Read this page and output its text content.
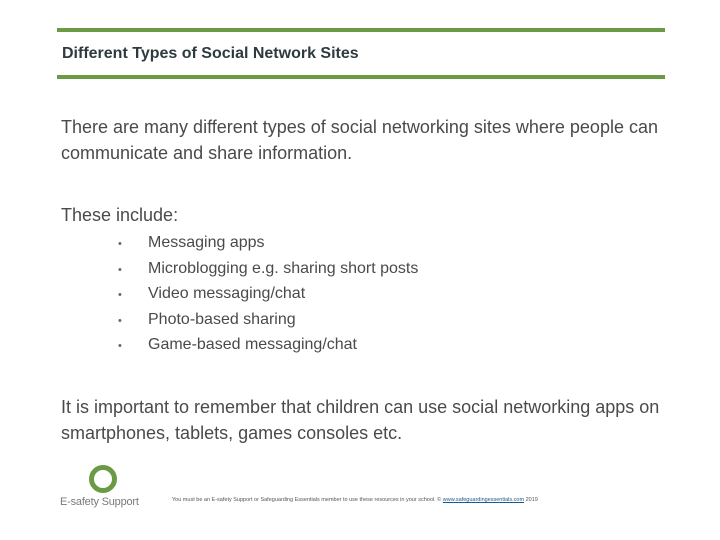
Different Types of Social Network Sites

There are many different types of social networking sites where people can communicate and share information.

These include:

• Messaging apps
• Microblogging e.g. sharing short posts
• Video messaging/chat
• Photo-based sharing
• Game-based messaging/chat

It is important to remember that children can use social networking apps on smartphones, tablets, games consoles etc.

E-safety Support	You must be an E-safety Support or Safeguarding Essentials member to use these resources in your school. © www.safeguardingessentials.com 2019
